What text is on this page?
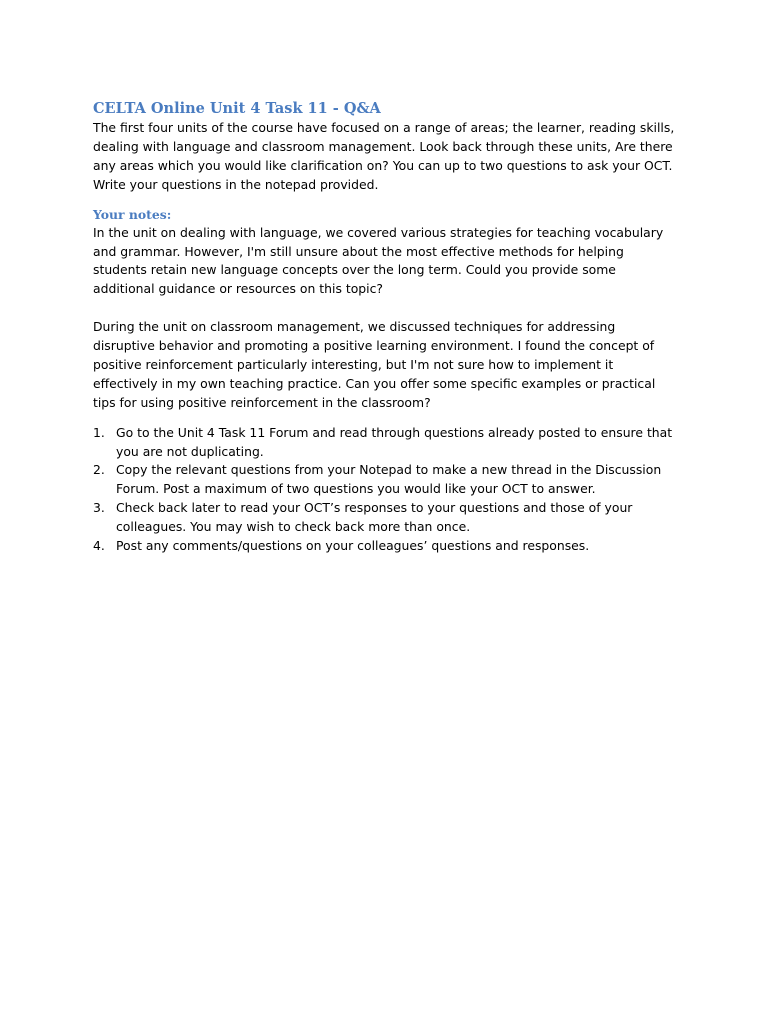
CELTA Online Unit 4 Task 11 - Q&A

The first four units of the course have focused on a range of areas; the learner, reading skills, dealing with language and classroom management. Look back through these units, Are there any areas which you would like clarification on? You can up to two questions to ask your OCT. Write your questions in the notepad provided.

Your notes:

In the unit on dealing with language, we covered various strategies for teaching vocabulary and grammar. However, I'm still unsure about the most effective methods for helping students retain new language concepts over the long term. Could you provide some additional guidance or resources on this topic?

During the unit on classroom management, we discussed techniques for addressing disruptive behavior and promoting a positive learning environment. I found the concept of positive reinforcement particularly interesting, but I'm not sure how to implement it effectively in my own teaching practice. Can you offer some specific examples or practical tips for using positive reinforcement in the classroom?

1. Go to the Unit 4 Task 11 Forum and read through questions already posted to ensure that you are not duplicating.
2. Copy the relevant questions from your Notepad to make a new thread in the Discussion Forum. Post a maximum of two questions you would like your OCT to answer.
3. Check back later to read your OCT’s responses to your questions and those of your colleagues. You may wish to check back more than once.
4. Post any comments/questions on your colleagues’ questions and responses.
